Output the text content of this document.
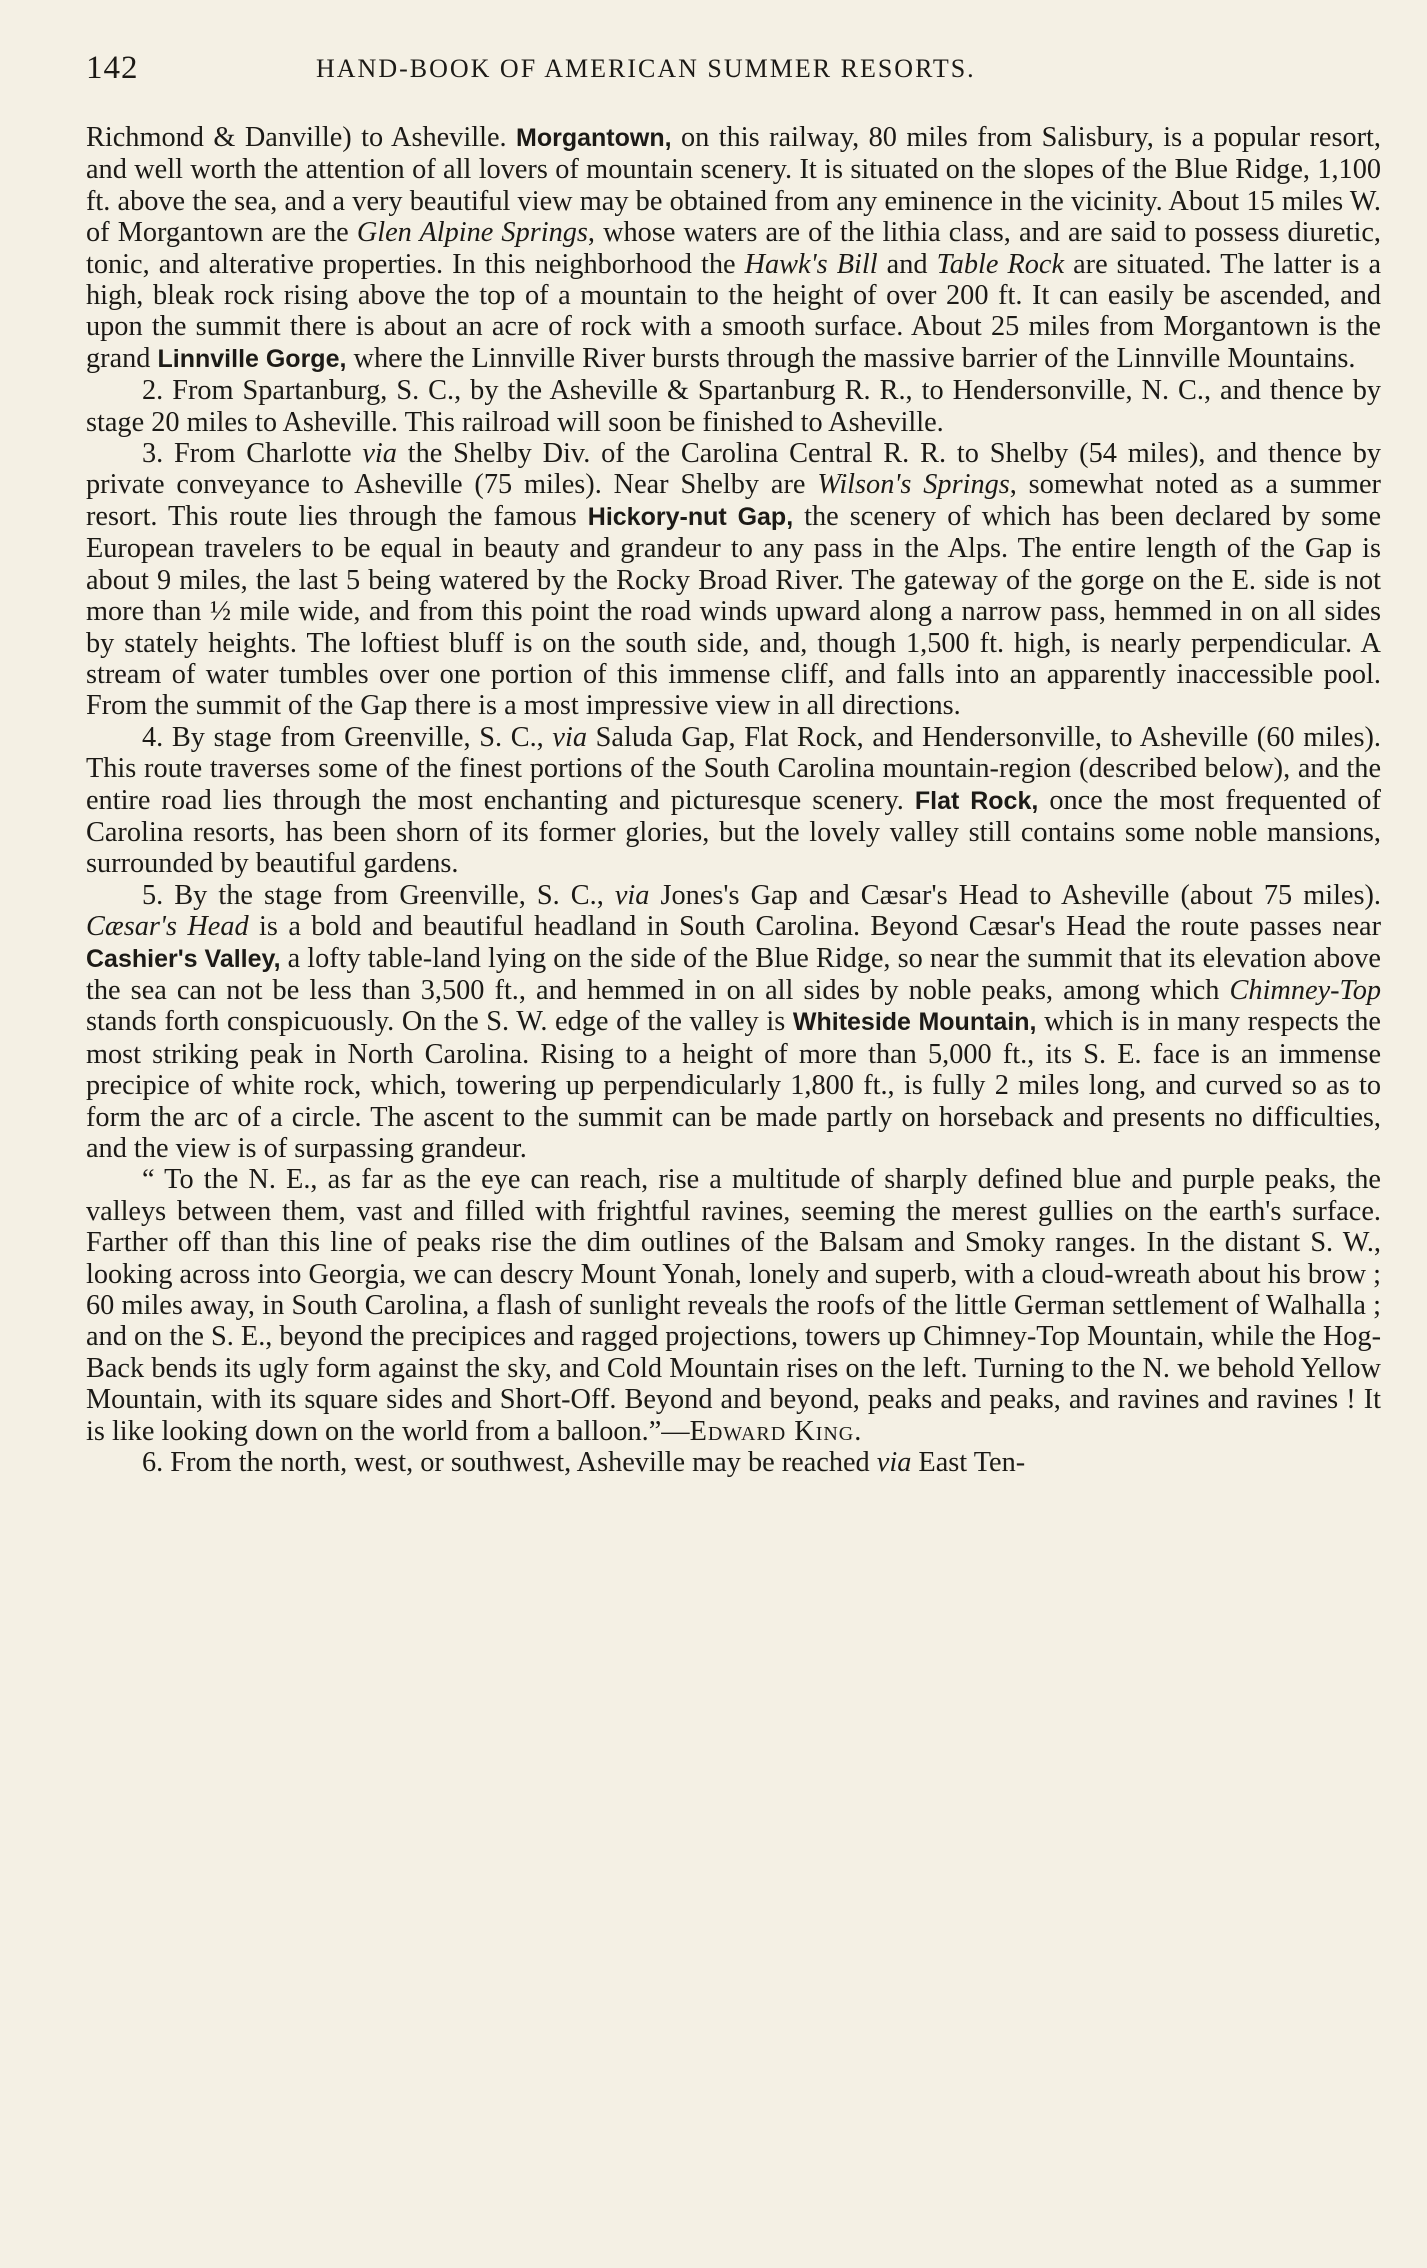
142	HAND-BOOK OF AMERICAN SUMMER RESORTS.

Richmond & Danville) to Asheville. Morgantown, on this railway, 80 miles from Salisbury, is a popular resort, and well worth the attention of all lovers of mountain scenery. It is situated on the slopes of the Blue Ridge, 1,100 ft. above the sea, and a very beautiful view may be obtained from any eminence in the vicinity. About 15 miles W. of Morgantown are the Glen Alpine Springs, whose waters are of the lithia class, and are said to possess diuretic, tonic, and alterative properties. In this neighborhood the Hawk's Bill and Table Rock are situated. The latter is a high, bleak rock rising above the top of a mountain to the height of over 200 ft. It can easily be ascended, and upon the summit there is about an acre of rock with a smooth surface. About 25 miles from Morgantown is the grand Linnville Gorge, where the Linnville River bursts through the massive barrier of the Linnville Mountains.

2. From Spartanburg, S. C., by the Asheville & Spartanburg R. R., to Hendersonville, N. C., and thence by stage 20 miles to Asheville. This railroad will soon be finished to Asheville.

3. From Charlotte via the Shelby Div. of the Carolina Central R. R. to Shelby (54 miles), and thence by private conveyance to Asheville (75 miles). Near Shelby are Wilson's Springs, somewhat noted as a summer resort. This route lies through the famous Hickory-nut Gap, the scenery of which has been declared by some European travelers to be equal in beauty and grandeur to any pass in the Alps. The entire length of the Gap is about 9 miles, the last 5 being watered by the Rocky Broad River. The gateway of the gorge on the E. side is not more than ½ mile wide, and from this point the road winds upward along a narrow pass, hemmed in on all sides by stately heights. The loftiest bluff is on the south side, and, though 1,500 ft. high, is nearly perpendicular. A stream of water tumbles over one portion of this immense cliff, and falls into an apparently inaccessible pool. From the summit of the Gap there is a most impressive view in all directions.

4. By stage from Greenville, S. C., via Saluda Gap, Flat Rock, and Hendersonville, to Asheville (60 miles). This route traverses some of the finest portions of the South Carolina mountain-region (described below), and the entire road lies through the most enchanting and picturesque scenery. Flat Rock, once the most frequented of Carolina resorts, has been shorn of its former glories, but the lovely valley still contains some noble mansions, surrounded by beautiful gardens.

5. By the stage from Greenville, S. C., via Jones's Gap and Cæsar's Head to Asheville (about 75 miles). Cæsar's Head is a bold and beautiful headland in South Carolina. Beyond Cæsar's Head the route passes near Cashier's Valley, a lofty table-land lying on the side of the Blue Ridge, so near the summit that its elevation above the sea can not be less than 3,500 ft., and hemmed in on all sides by noble peaks, among which Chimney-Top stands forth conspicuously. On the S. W. edge of the valley is Whiteside Mountain, which is in many respects the most striking peak in North Carolina. Rising to a height of more than 5,000 ft., its S. E. face is an immense precipice of white rock, which, towering up perpendicularly 1,800 ft., is fully 2 miles long, and curved so as to form the arc of a circle. The ascent to the summit can be made partly on horseback and presents no difficulties, and the view is of surpassing grandeur.

“ To the N. E., as far as the eye can reach, rise a multitude of sharply defined blue and purple peaks, the valleys between them, vast and filled with frightful ravines, seeming the merest gullies on the earth's surface. Farther off than this line of peaks rise the dim outlines of the Balsam and Smoky ranges. In the distant S. W., looking across into Georgia, we can descry Mount Yonah, lonely and superb, with a cloud-wreath about his brow ; 60 miles away, in South Carolina, a flash of sunlight reveals the roofs of the little German settlement of Walhalla ; and on the S. E., beyond the precipices and ragged projections, towers up Chimney-Top Mountain, while the Hog-Back bends its ugly form against the sky, and Cold Mountain rises on the left. Turning to the N. we behold Yellow Mountain, with its square sides and Short-Off. Beyond and beyond, peaks and peaks, and ravines and ravines ! It is like looking down on the world from a balloon.”—Edward King.

6. From the north, west, or southwest, Asheville may be reached via East Ten-
